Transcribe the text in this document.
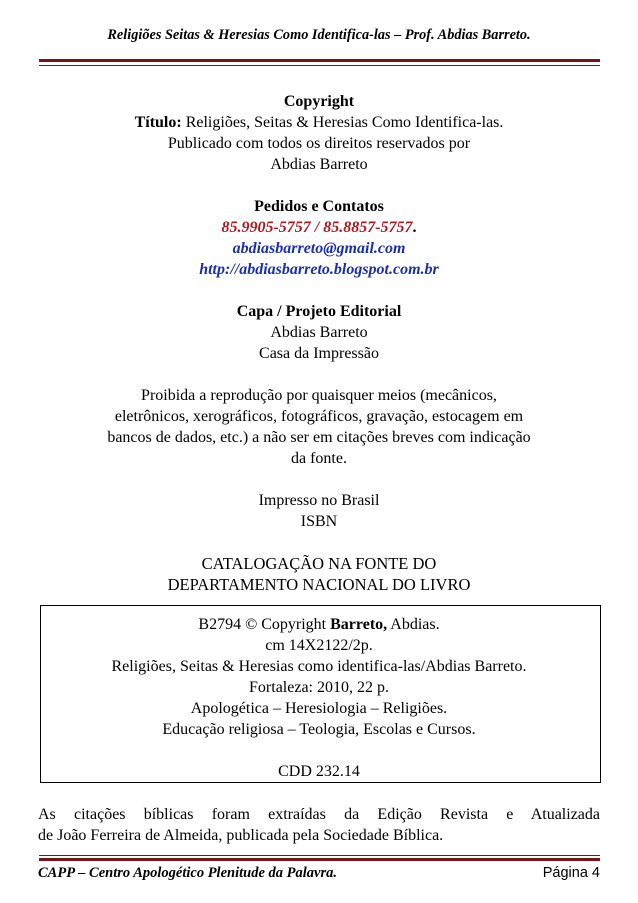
Religiões Seitas & Heresias Como Identifica-las – Prof. Abdias Barreto.
Copyright
Título: Religiões, Seitas & Heresias Como Identifica-las.
Publicado com todos os direitos reservados por
Abdias Barreto
Pedidos e Contatos
85.9905-5757 / 85.8857-5757.
abdiasbarreto@gmail.com
http://abdiasbarreto.blogspot.com.br
Capa / Projeto Editorial
Abdias Barreto
Casa da Impressão
Proibida a reprodução por quaisquer meios (mecânicos,
eletrônicos, xerográficos, fotográficos, gravação, estocagem em
bancos de dados, etc.) a não ser em citações breves com indicação
da fonte.
Impresso no Brasil
ISBN
CATALOGAÇÃO NA FONTE DO
DEPARTAMENTO NACIONAL DO LIVRO
B2794 © Copyright Barreto, Abdias.
cm 14X2122/2p.
Religiões, Seitas & Heresias como identifica-las/Abdias Barreto.
Fortaleza: 2010, 22 p.
Apologética – Heresiologia – Religiões.
Educação religiosa – Teologia, Escolas e Cursos.
CDD 232.14
As citações bíblicas foram extraídas da Edição Revista e Atualizada
de João Ferreira de Almeida, publicada pela Sociedade Bíblica.
CAPP – Centro Apologético Plenitude da Palavra.	Página 4
